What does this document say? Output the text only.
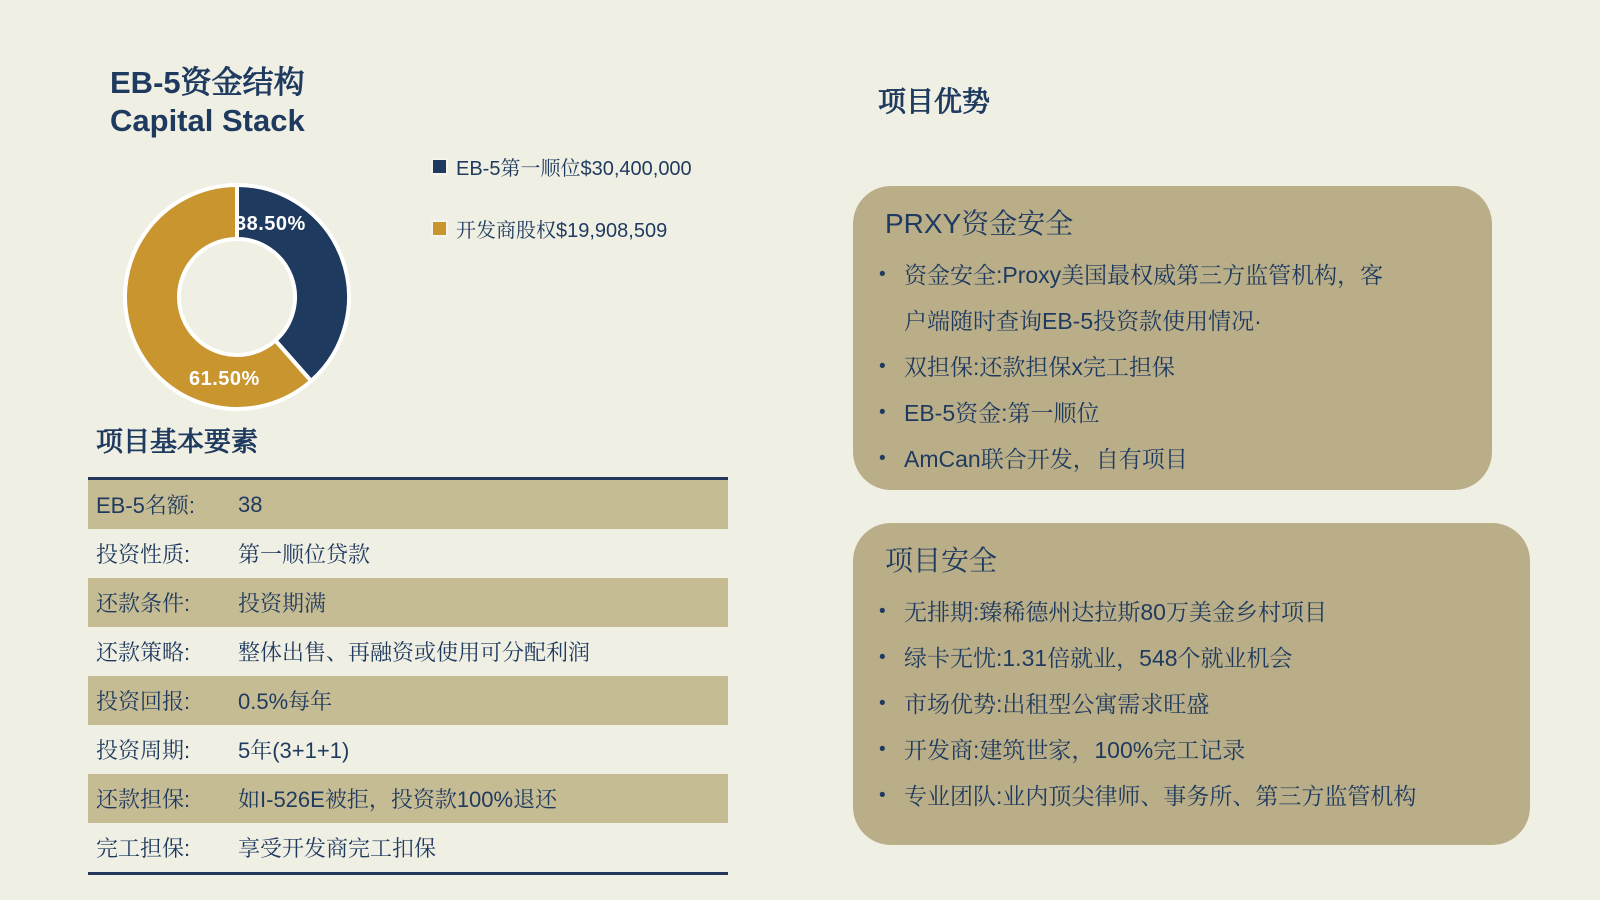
EB-5资金结构
Capital Stack
38.50%
61.50%
EB-5第一顺位$30,400,000
开发商股权$19,908,509
项目基本要素
EB-5名额:	38
投资性质:	第一顺位贷款
还款条件:	投资期满
还款策略:	整体出售、再融资或使用可分配利润
投资回报:	0.5%每年
投资周期:	5年(3+1+1)
还款担保:	如I-526E被拒，投资款100%退还
完工担保:	享受开发商完工扣保
项目优势
PRXY资金安全
• 资金安全:Proxy美国最权威第三方监管机构，客户端随时查询EB-5投资款使用情况·
• 双担保:还款担保x完工担保
• EB-5资金:第一顺位
• AmCan联合开发，自有项目
项目安全
• 无排期:臻稀德州达拉斯80万美金乡村项目
• 绿卡无忧:1.31倍就业，548个就业机会
• 市场优势:出租型公寓需求旺盛
• 开发商:建筑世家，100%完工记录
• 专业团队:业内顶尖律师、事务所、第三方监管机构
